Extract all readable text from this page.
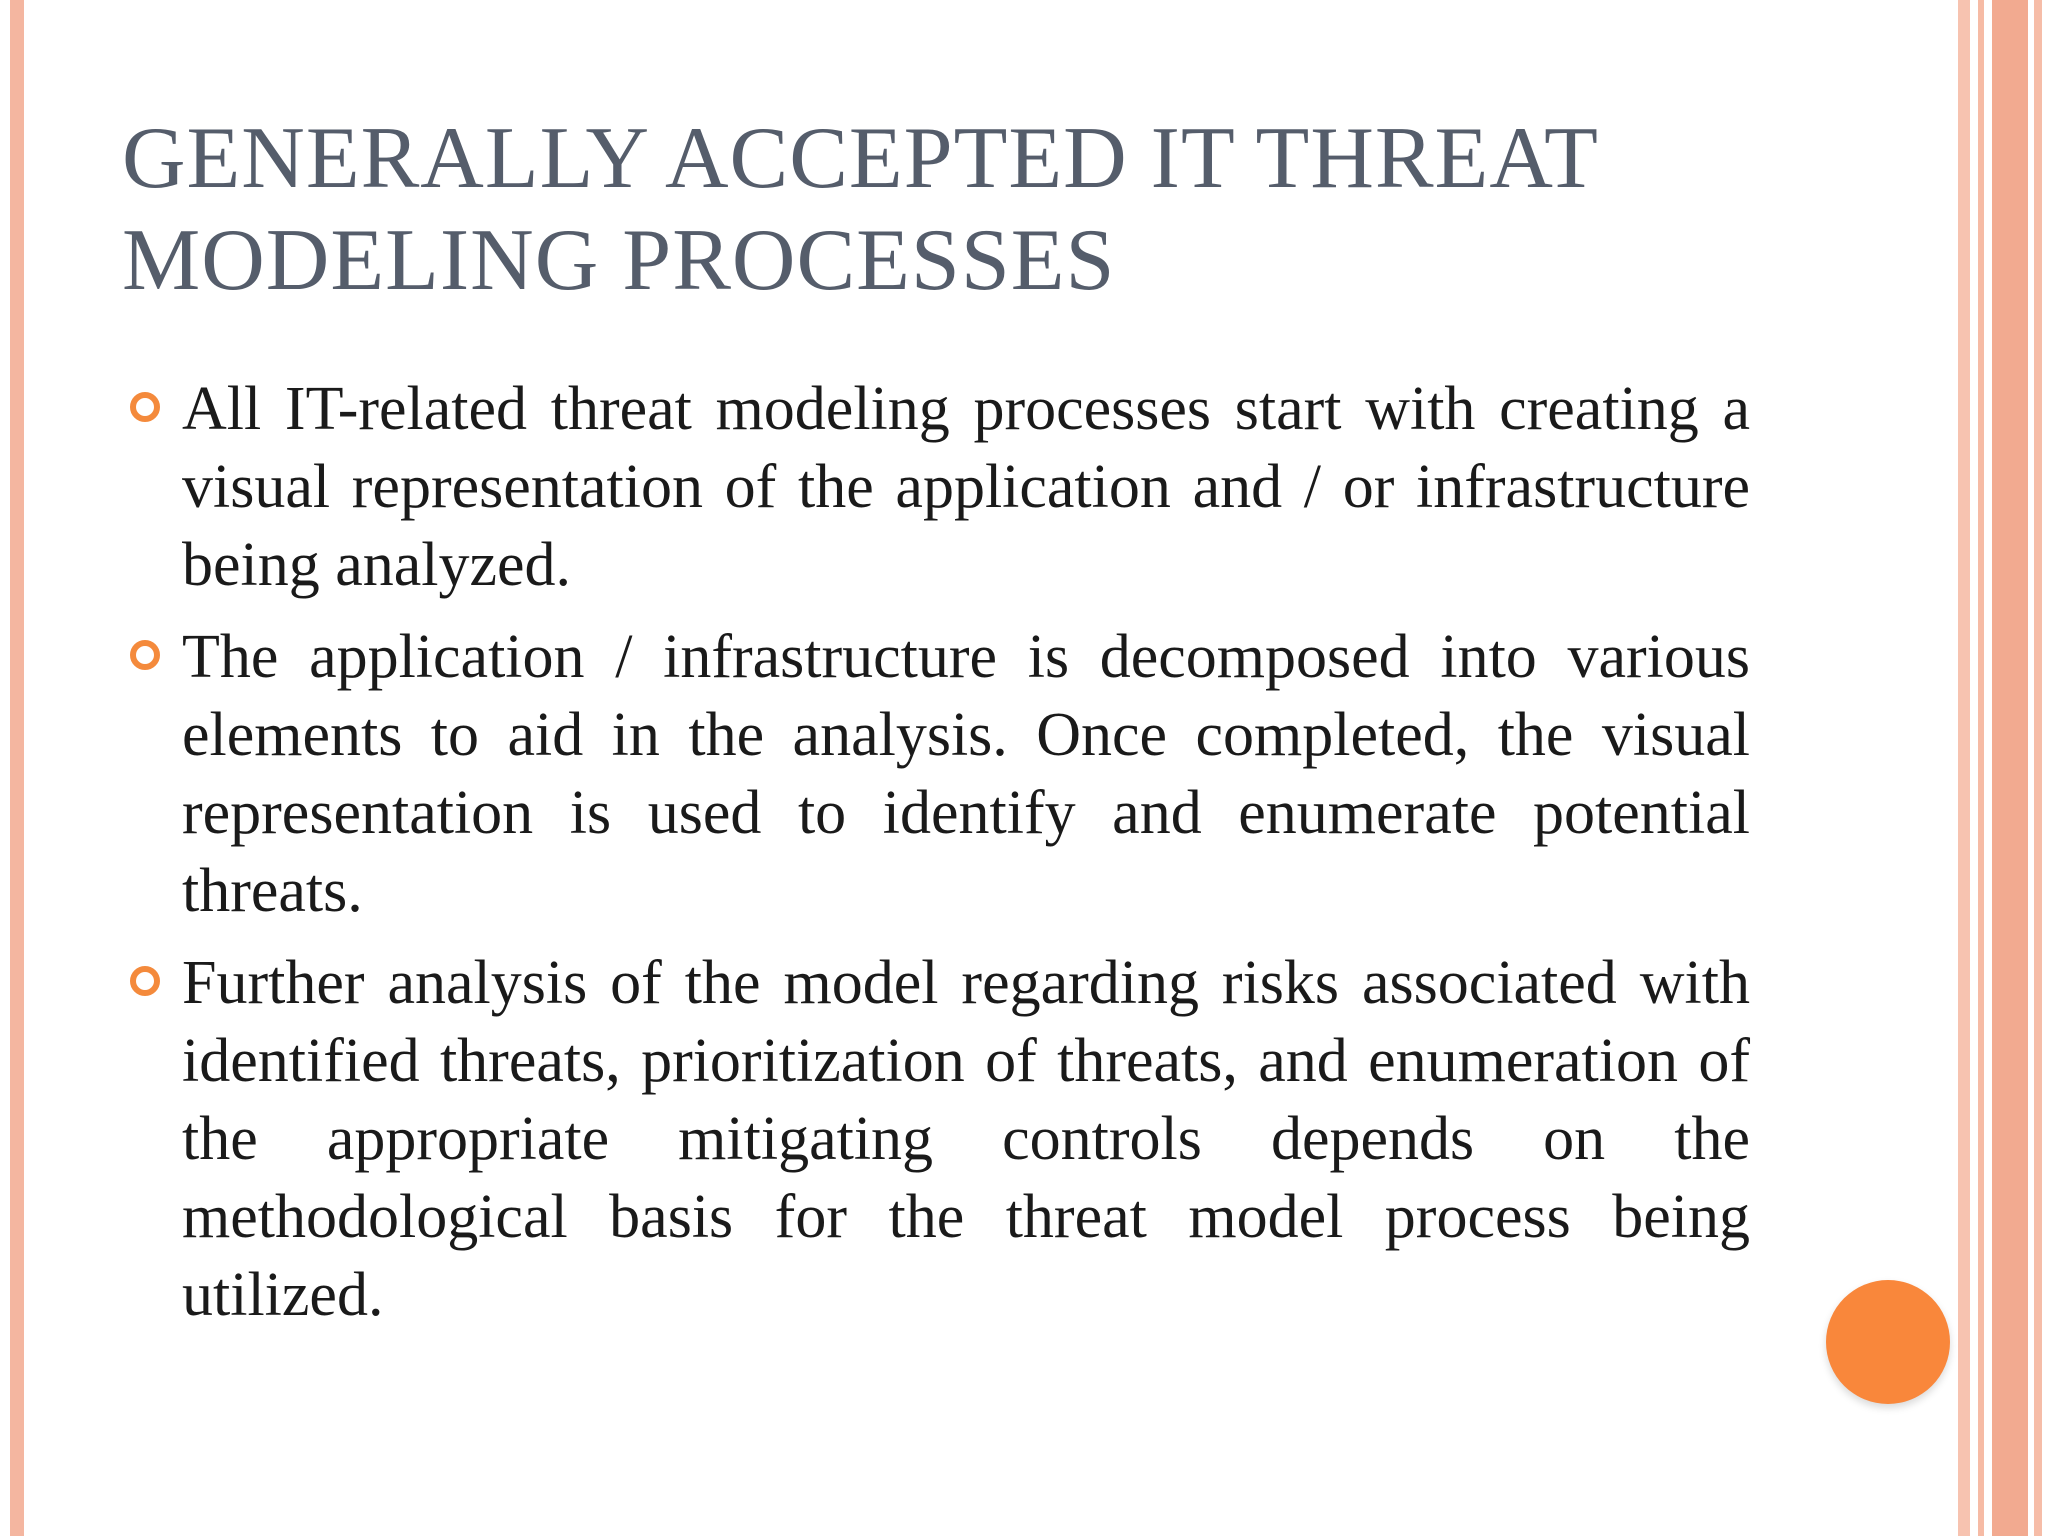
GENERALLY ACCEPTED IT THREAT
MODELING PROCESSES
All IT-related threat modeling processes start with creating a visual representation of the application and / or infrastructure being analyzed.
The application / infrastructure is decomposed into various elements to aid in the analysis. Once completed, the visual representation is used to identify and enumerate potential threats.
Further analysis of the model regarding risks associated with identified threats, prioritization of threats, and enumeration of the appropriate mitigating controls depends on the methodological basis for the threat model process being utilized.
